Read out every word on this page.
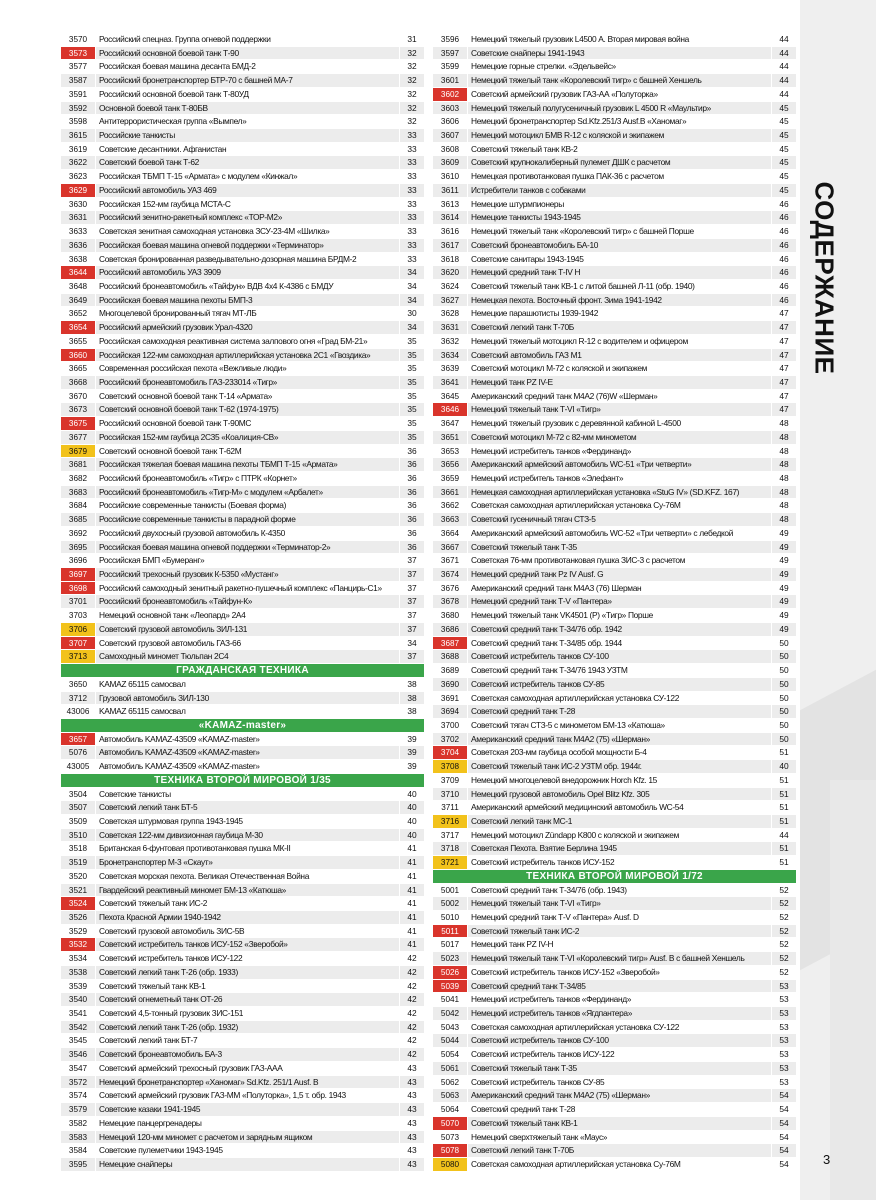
СОДЕРЖАНИЕ
3570	Российский спецназ. Группа огневой поддержки	31
3573	Российский основной боевой танк Т-90	32
3577	Российская боевая машина десанта БМД-2	32
3587	Российский бронетранспортер БТР-70 с башней МА-7	32
3591	Российский основной боевой танк Т-80УД	32
3592	Основной боевой танк Т-80БВ	32
3598	Антитеррористическая группа «Вымпел»	32
3615	Российские танкисты	33
3619	Советские десантники. Афганистан	33
3622	Советский боевой танк Т-62	33
3623	Российская ТБМП Т-15 «Армата» с модулем «Кинжал»	33
3629	Российский автомобиль УАЗ 469	33
3630	Российская 152-мм гаубица МСТА-С	33
3631	Российский зенитно-ракетный комплекс «ТОР-М2»	33
3633	Советская зенитная самоходная установка ЗСУ-23-4М «Шилка»	33
3636	Российская боевая машина огневой поддержки «Терминатор»	33
3638	Советская бронированная разведывательно-дозорная машина БРДМ-2	33
3644	Российский автомобиль УАЗ 3909	34
3648	Российский бронеавтомобиль «Тайфун» ВДВ 4х4 К-4386 с БМДУ	34
3649	Российская боевая машина пехоты БМП-3	34
3652	Многоцелевой бронированный тягач МТ-ЛБ	30
3654	Российский армейский грузовик Урал-4320	34
3655	Российская самоходная реактивная система залпового огня «Град БМ-21»	35
3660	Российская 122-мм самоходная артиллерийская установка 2С1 «Гвоздика»	35
3665	Современная российская пехота «Вежливые люди»	35
3668	Российский бронеавтомобиль ГАЗ-233014 «Тигр»	35
3670	Советский основной боевой танк Т-14 «Армата»	35
3673	Советский основной боевой танк Т-62 (1974-1975)	35
3675	Российский основной боевой танк Т-90МС	35
3677	Российская 152-мм гаубица 2С35 «Коалиция-СВ»	35
3679	Советский основной боевой танк Т-62М	36
3681	Российская тяжелая боевая машина пехоты ТБМП Т-15 «Армата»	36
3682	Российский бронеавтомобиль «Тигр» с ПТРК «Корнет»	36
3683	Российский бронеавтомобиль «Тигр-М» с модулем «Арбалет»	36
3684	Российские современные танкисты (Боевая форма)	36
3685	Российские современные танкисты в парадной форме	36
3692	Российский двухосный грузовой автомобиль К-4350	36
3695	Российская боевая машина огневой поддержки «Терминатор-2»	36
3696	Российская БМП «Бумеранг»	37
3697	Российский трехосный грузовик К-5350 «Мустанг»	37
3698	Российский самоходный зенитный ракетно-пушечный комплекс «Панцирь-С1»	37
3701	Российский бронеавтомобиль «Тайфун-К»	37
3703	Немецкий основной танк «Леопард» 2А4	37
3706	Советский грузовой автомобиль ЗИЛ-131	37
3707	Советский грузовой автомобиль ГАЗ-66	34
3713	Самоходный миномет Тюльпан 2С4	37
ГРАЖДАНСКАЯ ТЕХНИКА
3650	KAMAZ 65115 самосвал	38
3712	Грузовой автомобиль ЗИЛ-130	38
43006	KAMAZ 65115 самосвал	38
«KAMAZ-master»
3657	Автомобиль KAMAZ-43509 «KAMAZ-master»	39
5076	Автомобиль KAMAZ-43509 «KAMAZ-master»	39
43005	Автомобиль KAMAZ-43509 «KAMAZ-master»	39
ТЕХНИКА ВТОРОЙ МИРОВОЙ 1/35
3504	Советские танкисты	40
3507	Советский легкий танк БТ-5	40
3509	Советская штурмовая группа 1943-1945	40
3510	Советская 122-мм дивизионная гаубица М-30	40
3518	Британская 6-фунтовая противотанковая пушка МК-II	41
3519	Бронетранспортер М-3 «Скаут»	41
3520	Советская морская пехота. Великая Отечественная Война	41
3521	Гвардейский реактивный миномет БМ-13 «Катюша»	41
3524	Советский тяжелый танк ИС-2	41
3526	Пехота Красной Армии 1940-1942	41
3529	Советский грузовой автомобиль ЗИС-5В	41
3532	Советский истребитель танков ИСУ-152 «Зверобой»	41
3534	Советский истребитель танков ИСУ-122	42
3538	Советский легкий танк Т-26 (обр. 1933)	42
3539	Советский тяжелый танк КВ-1	42
3540	Советский огнеметный танк ОТ-26	42
3541	Советский 4,5-тонный грузовик ЗИС-151	42
3542	Советский легкий танк Т-26 (обр. 1932)	42
3545	Советский легкий танк БТ-7	42
3546	Советский бронеавтомобиль БА-3	42
3547	Советский армейский трехосный грузовик ГАЗ-ААА	43
3572	Немецкий бронетранспортер «Ханомаг» Sd.Kfz. 251/1 Ausf. B	43
3574	Советский армейский грузовик ГАЗ-ММ «Полуторка», 1,5 т. обр. 1943	43
3579	Советские казаки 1941-1945	43
3582	Немецкие панцергренадеры	43
3583	Немецкий 120-мм миномет с расчетом и зарядным ящиком	43
3584	Советские пулеметчики 1943-1945	43
3595	Немецкие снайперы	43
3596	Немецкий тяжелый грузовик L4500 А. Вторая мировая война	44
3597	Советские снайперы 1941-1943	44
3599	Немецкие горные стрелки. «Эдельвейс»	44
3601	Немецкий тяжелый танк «Королевский тигр» с башней Хеншель	44
3602	Советский армейский грузовик ГАЗ-АА «Полуторка»	44
3603	Немецкий тяжелый полугусеничный грузовик L 4500 R «Маультир»	45
3606	Немецкий бронетранспортер Sd.Kfz.251/3 Ausf.B «Ханомаг»	45
3607	Немецкий мотоцикл БМВ R-12 с коляской и экипажем	45
3608	Советский тяжелый танк КВ-2	45
3609	Советский крупнокалиберный пулемет ДШК с расчетом	45
3610	Немецкая противотанковая пушка ПАК-36 с расчетом	45
3611	Истребители танков с собаками	45
3613	Немецкие штурмпионеры	46
3614	Немецкие танкисты 1943-1945	46
3616	Немецкий тяжелый танк «Королевский тигр» с башней Порше	46
3617	Советский бронеавтомобиль БА-10	46
3618	Советские санитары 1943-1945	46
3620	Немецкий средний танк Т-IV Н	46
3624	Советский тяжелый танк КВ-1 с литой башней Л-11 (обр. 1940)	46
3627	Немецкая пехота. Восточный фронт. Зима 1941-1942	46
3628	Немецкие парашютисты 1939-1942	47
3631	Советский легкий танк Т-70Б	47
3632	Немецкий тяжелый мотоцикл R-12 с водителем и офицером	47
3634	Советский автомобиль ГАЗ М1	47
3639	Советский мотоцикл М-72 с коляской и экипажем	47
3641	Немецкий танк PZ IV-Е	47
3645	Американский средний танк М4А2 (76)W «Шерман»	47
3646	Немецкий тяжелый танк Т-VI «Тигр»	47
3647	Немецкий тяжелый грузовик с деревянной кабиной L-4500	48
3651	Советский мотоцикл М-72 с 82-мм минометом	48
3653	Немецкий истребитель танков «Фердинанд»	48
3656	Американский армейский автомобиль WC-51 «Три четверти»	48
3659	Немецкий истребитель танков «Элефант»	48
3661	Немецкая самоходная артиллерийская установка «StuG IV» (SD.KFZ. 167)	48
3662	Советская самоходная артиллерийская установка Су-76М	48
3663	Советский гусеничный тягач СТЗ-5	48
3664	Американский армейский автомобиль WC-52 «Три четверти» с лебедкой	49
3667	Советский тяжелый танк Т-35	49
3671	Советская 76-мм противотанковая пушка ЗИС-3 с расчетом	49
3674	Немецкий средний танк Pz IV Ausf. G	49
3676	Американский средний танк М4А3 (76) Шерман	49
3678	Немецкий средний танк Т-V «Пантера»	49
3680	Немецкий тяжелый танк VK4501 (P) «Тигр» Порше	49
3686	Советский средний танк Т-34/76 обр. 1942	49
3687	Советский средний танк Т-34/85 обр. 1944	50
3688	Советский истребитель танков СУ-100	50
3689	Советский средний танк Т-34/76 1943 УЗТМ	50
3690	Советский истребитель танков СУ-85	50
3691	Советская самоходная артиллерийская установка СУ-122	50
3694	Советский средний танк Т-28	50
3700	Советский тягач СТЗ-5 с минометом БМ-13 «Катюша»	50
3702	Американский средний танк М4А2 (75) «Шерман»	50
3704	Советская 203-мм гаубица особой мощности Б-4	51
3708	Советский тяжелый танк ИС-2 УЗТМ обр. 1944г.	40
3709	Немецкий многоцелевой внедорожник Horch Kfz. 15	51
3710	Немецкий грузовой автомобиль Opel Blitz Kfz. 305	51
3711	Американский армейский медицинский автомобиль WC-54	51
3716	Советский легкий танк МС-1	51
3717	Немецкий мотоцикл Zündapp K800 с коляской и экипажем	44
3718	Советская Пехота. Взятие Берлина 1945	51
3721	Советский истребитель танков ИСУ-152	51
ТЕХНИКА ВТОРОЙ МИРОВОЙ 1/72
5001	Советский средний танк Т-34/76 (обр. 1943)	52
5002	Немецкий тяжелый танк Т-VI «Тигр»	52
5010	Немецкий средний танк Т-V «Пантера» Ausf. D	52
5011	Советский тяжелый танк ИС-2	52
5017	Немецкий танк PZ IV-H	52
5023	Немецкий тяжелый танк Т-VI «Королевский тигр» Ausf. B с башней Хеншель	52
5026	Советский истребитель танков ИСУ-152 «Зверобой»	52
5039	Советский средний танк Т-34/85	53
5041	Немецкий истребитель танков «Фердинанд»	53
5042	Немецкий истребитель танков «Ягдпантера»	53
5043	Советская самоходная артиллерийская установка СУ-122	53
5044	Советский истребитель танков СУ-100	53
5054	Советский истребитель танков ИСУ-122	53
5061	Советский тяжелый танк Т-35	53
5062	Советский истребитель танков СУ-85	53
5063	Американский средний танк М4А2 (75) «Шерман»	54
5064	Советский средний танк Т-28	54
5070	Советский тяжелый танк КВ-1	54
5073	Немецкий сверхтяжелый танк «Маус»	54
5078	Советский легкий танк Т-70Б	54
5080	Советская самоходная артиллерийская установка Су-76М	54	3
